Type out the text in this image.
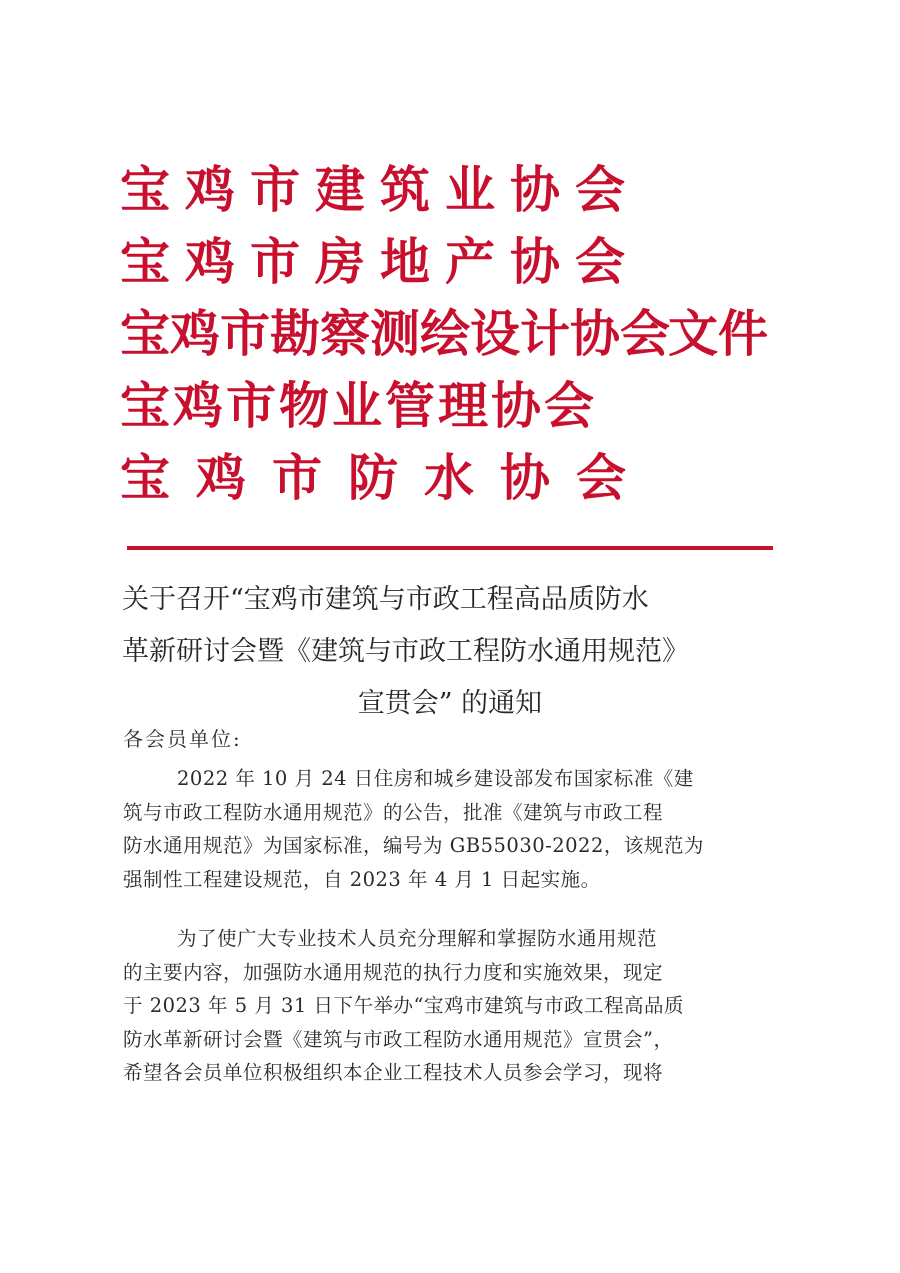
宝鸡市建筑业协会
宝鸡市房地产协会
宝鸡市勘察测绘设计协会
文件
宝鸡市物业管理协会
宝鸡市防水协会
关于召开“宝鸡市建筑与市政工程高品质防水
革新研讨会暨《建筑与市政工程防水通用规范》
宣贯会” 的通知
各会员单位:
2022 年 10 月 24 日住房和城乡建设部发布国家标准《建
筑与市政工程防水通用规范》的公告，批准《建筑与市政工程
防水通用规范》为国家标准，编号为 GB55030-2022，该规范为
强制性工程建设规范，自 2023 年 4 月 1 日起实施。
为了使广大专业技术人员充分理解和掌握防水通用规范
的主要内容，加强防水通用规范的执行力度和实施效果，现定
于 2023 年 5 月 31 日下午举办“宝鸡市建筑与市政工程高品质
防水革新研讨会暨《建筑与市政工程防水通用规范》宣贯会”，
希望各会员单位积极组织本企业工程技术人员参会学习，现将
